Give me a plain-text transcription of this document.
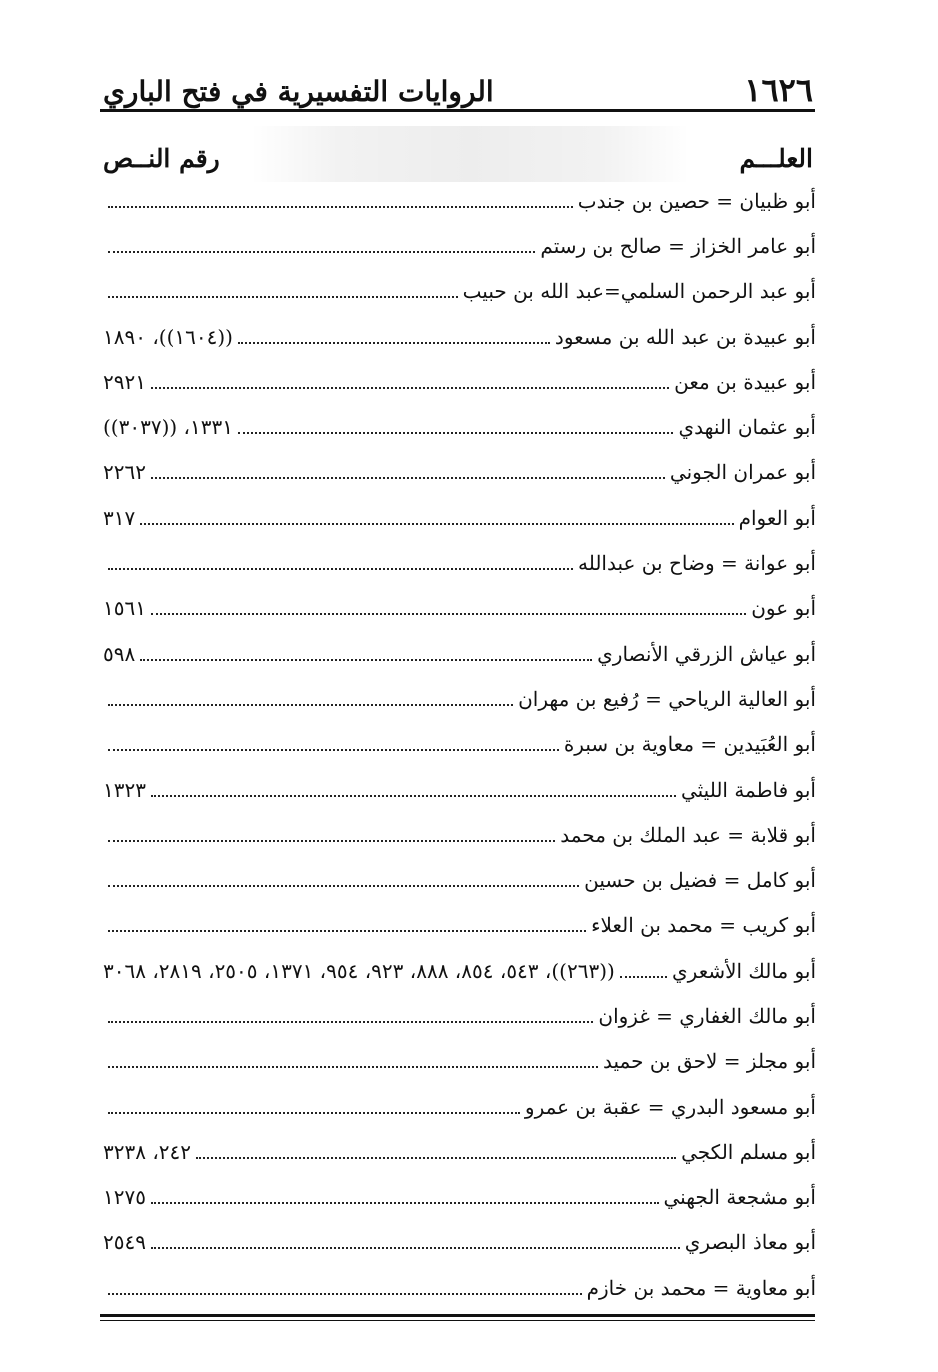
١٦٢٦
الروايات التفسيرية في فتح الباري
العلـــم
رقم النــص
أبو ظبيان = حصين بن جندب
أبو عامر الخزاز = صالح بن رستم
أبو عبد الرحمن السلمي=عبد الله بن حبيب
أبو عبيدة بن عبد الله بن مسعود
((١٦٠٤))، ١٨٩٠
أبو عبيدة بن معن
٢٩٢١
أبو عثمان النهدي
١٣٣١، ((٣٠٣٧))
أبو عمران الجوني
٢٢٦٢
أبو العوام
٣١٧
أبو عوانة = وضاح بن عبدالله
أبو عون
١٥٦١
أبو عياش الزرقي الأنصاري
٥٩٨
أبو العالية الرياحي = رُفيع بن مهران
أبو العُبَيدين = معاوية بن سبرة
أبو فاطمة الليثي
١٣٢٣
أبو قلابة = عبد الملك بن محمد
أبو كامل = فضيل بن حسين
أبو كريب = محمد بن العلاء
أبو مالك الأشعري
((٢٦٣))، ٥٤٣، ٨٥٤، ٨٨٨، ٩٢٣، ٩٥٤، ١٣٧١، ٢٥٠٥، ٢٨١٩، ٣٠٦٨
أبو مالك الغفاري = غزوان
أبو مجلز = لاحق بن حميد
أبو مسعود البدري = عقبة بن عمرو
أبو مسلم الكجي
٢٤٢، ٣٢٣٨
أبو مشجعة الجهني
١٢٧٥
أبو معاذ البصري
٢٥٤٩
أبو معاوية = محمد بن خازم
